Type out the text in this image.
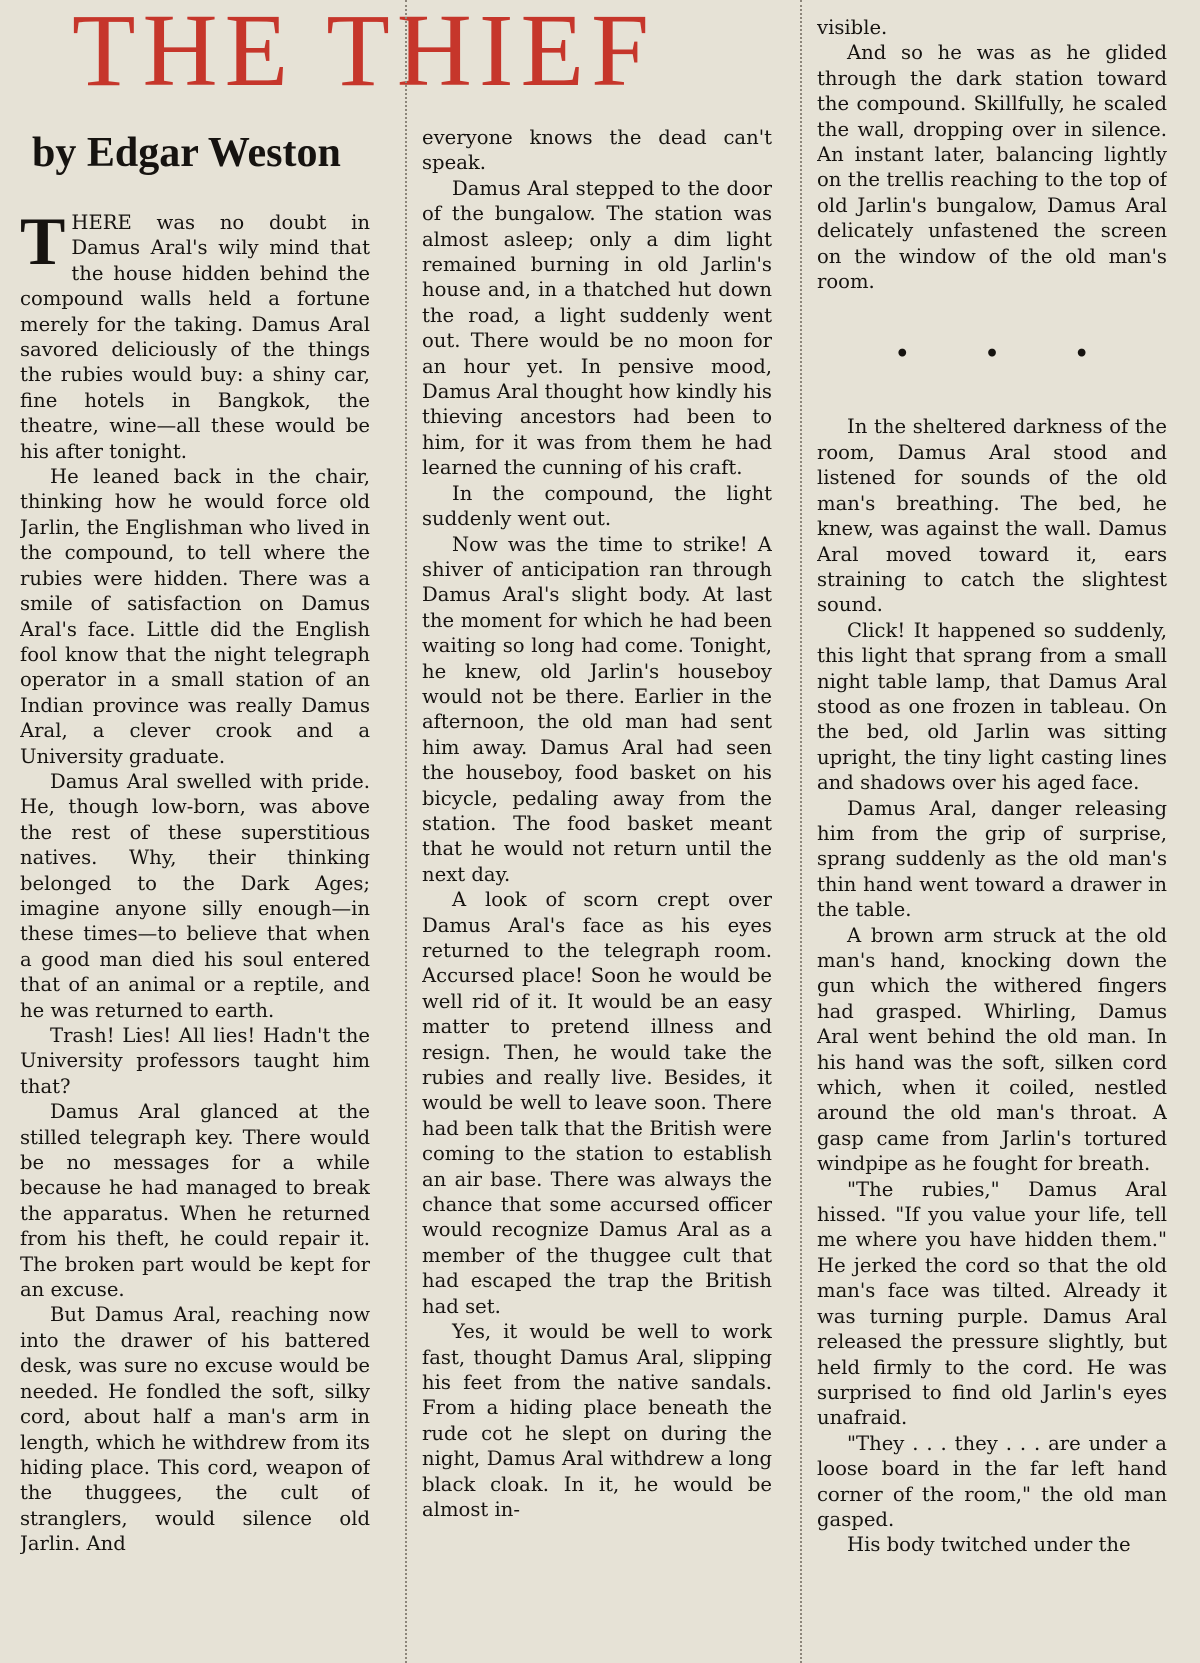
THE THIEF
by Edgar Weston

THERE was no doubt in Damus Aral's wily mind that the house hidden behind the compound walls held a fortune merely for the taking. Damus Aral savored deliciously of the things the rubies would buy: a shiny car, fine hotels in Bangkok, the theatre, wine—all these would be his after tonight.

He leaned back in the chair, thinking how he would force old Jarlin, the Englishman who lived in the compound, to tell where the rubies were hidden. There was a smile of satisfaction on Damus Aral's face. Little did the English fool know that the night telegraph operator in a small station of an Indian province was really Damus Aral, a clever crook and a University graduate.

Damus Aral swelled with pride. He, though low-born, was above the rest of these superstitious natives. Why, their thinking belonged to the Dark Ages; imagine anyone silly enough—in these times—to believe that when a good man died his soul entered that of an animal or a reptile, and he was returned to earth.

Trash! Lies! All lies! Hadn't the University professors taught him that?

Damus Aral glanced at the stilled telegraph key. There would be no messages for a while because he had managed to break the apparatus. When he returned from his theft, he could repair it. The broken part would be kept for an excuse.

But Damus Aral, reaching now into the drawer of his battered desk, was sure no excuse would be needed. He fondled the soft, silky cord, about half a man's arm in length, which he withdrew from its hiding place. This cord, weapon of the thuggees, the cult of stranglers, would silence old Jarlin. And

everyone knows the dead can't speak.

Damus Aral stepped to the door of the bungalow. The station was almost asleep; only a dim light remained burning in old Jarlin's house and, in a thatched hut down the road, a light suddenly went out. There would be no moon for an hour yet. In pensive mood, Damus Aral thought how kindly his thieving ancestors had been to him, for it was from them he had learned the cunning of his craft.

In the compound, the light suddenly went out.

Now was the time to strike! A shiver of anticipation ran through Damus Aral's slight body. At last the moment for which he had been waiting so long had come. Tonight, he knew, old Jarlin's houseboy would not be there. Earlier in the afternoon, the old man had sent him away. Damus Aral had seen the houseboy, food basket on his bicycle, pedaling away from the station. The food basket meant that he would not return until the next day.

A look of scorn crept over Damus Aral's face as his eyes returned to the telegraph room. Accursed place! Soon he would be well rid of it. It would be an easy matter to pretend illness and resign. Then, he would take the rubies and really live. Besides, it would be well to leave soon. There had been talk that the British were coming to the station to establish an air base. There was always the chance that some accursed officer would recognize Damus Aral as a member of the thuggee cult that had escaped the trap the British had set.

Yes, it would be well to work fast, thought Damus Aral, slipping his feet from the native sandals. From a hiding place beneath the rude cot he slept on during the night, Damus Aral withdrew a long black cloak. In it, he would be almost in-

visible.

And so he was as he glided through the dark station toward the compound. Skillfully, he scaled the wall, dropping over in silence. An instant later, balancing lightly on the trellis reaching to the top of old Jarlin's bungalow, Damus Aral delicately unfastened the screen on the window of the old man's room.

• • •

In the sheltered darkness of the room, Damus Aral stood and listened for sounds of the old man's breathing. The bed, he knew, was against the wall. Damus Aral moved toward it, ears straining to catch the slightest sound.

Click! It happened so suddenly, this light that sprang from a small night table lamp, that Damus Aral stood as one frozen in tableau. On the bed, old Jarlin was sitting upright, the tiny light casting lines and shadows over his aged face.

Damus Aral, danger releasing him from the grip of surprise, sprang suddenly as the old man's thin hand went toward a drawer in the table.

A brown arm struck at the old man's hand, knocking down the gun which the withered fingers had grasped. Whirling, Damus Aral went behind the old man. In his hand was the soft, silken cord which, when it coiled, nestled around the old man's throat. A gasp came from Jarlin's tortured windpipe as he fought for breath.

"The rubies," Damus Aral hissed. "If you value your life, tell me where you have hidden them." He jerked the cord so that the old man's face was tilted. Already it was turning purple. Damus Aral released the pressure slightly, but held firmly to the cord. He was surprised to find old Jarlin's eyes unafraid.

"They . . . they . . . are under a loose board in the far left hand corner of the room," the old man gasped.

His body twitched under the
